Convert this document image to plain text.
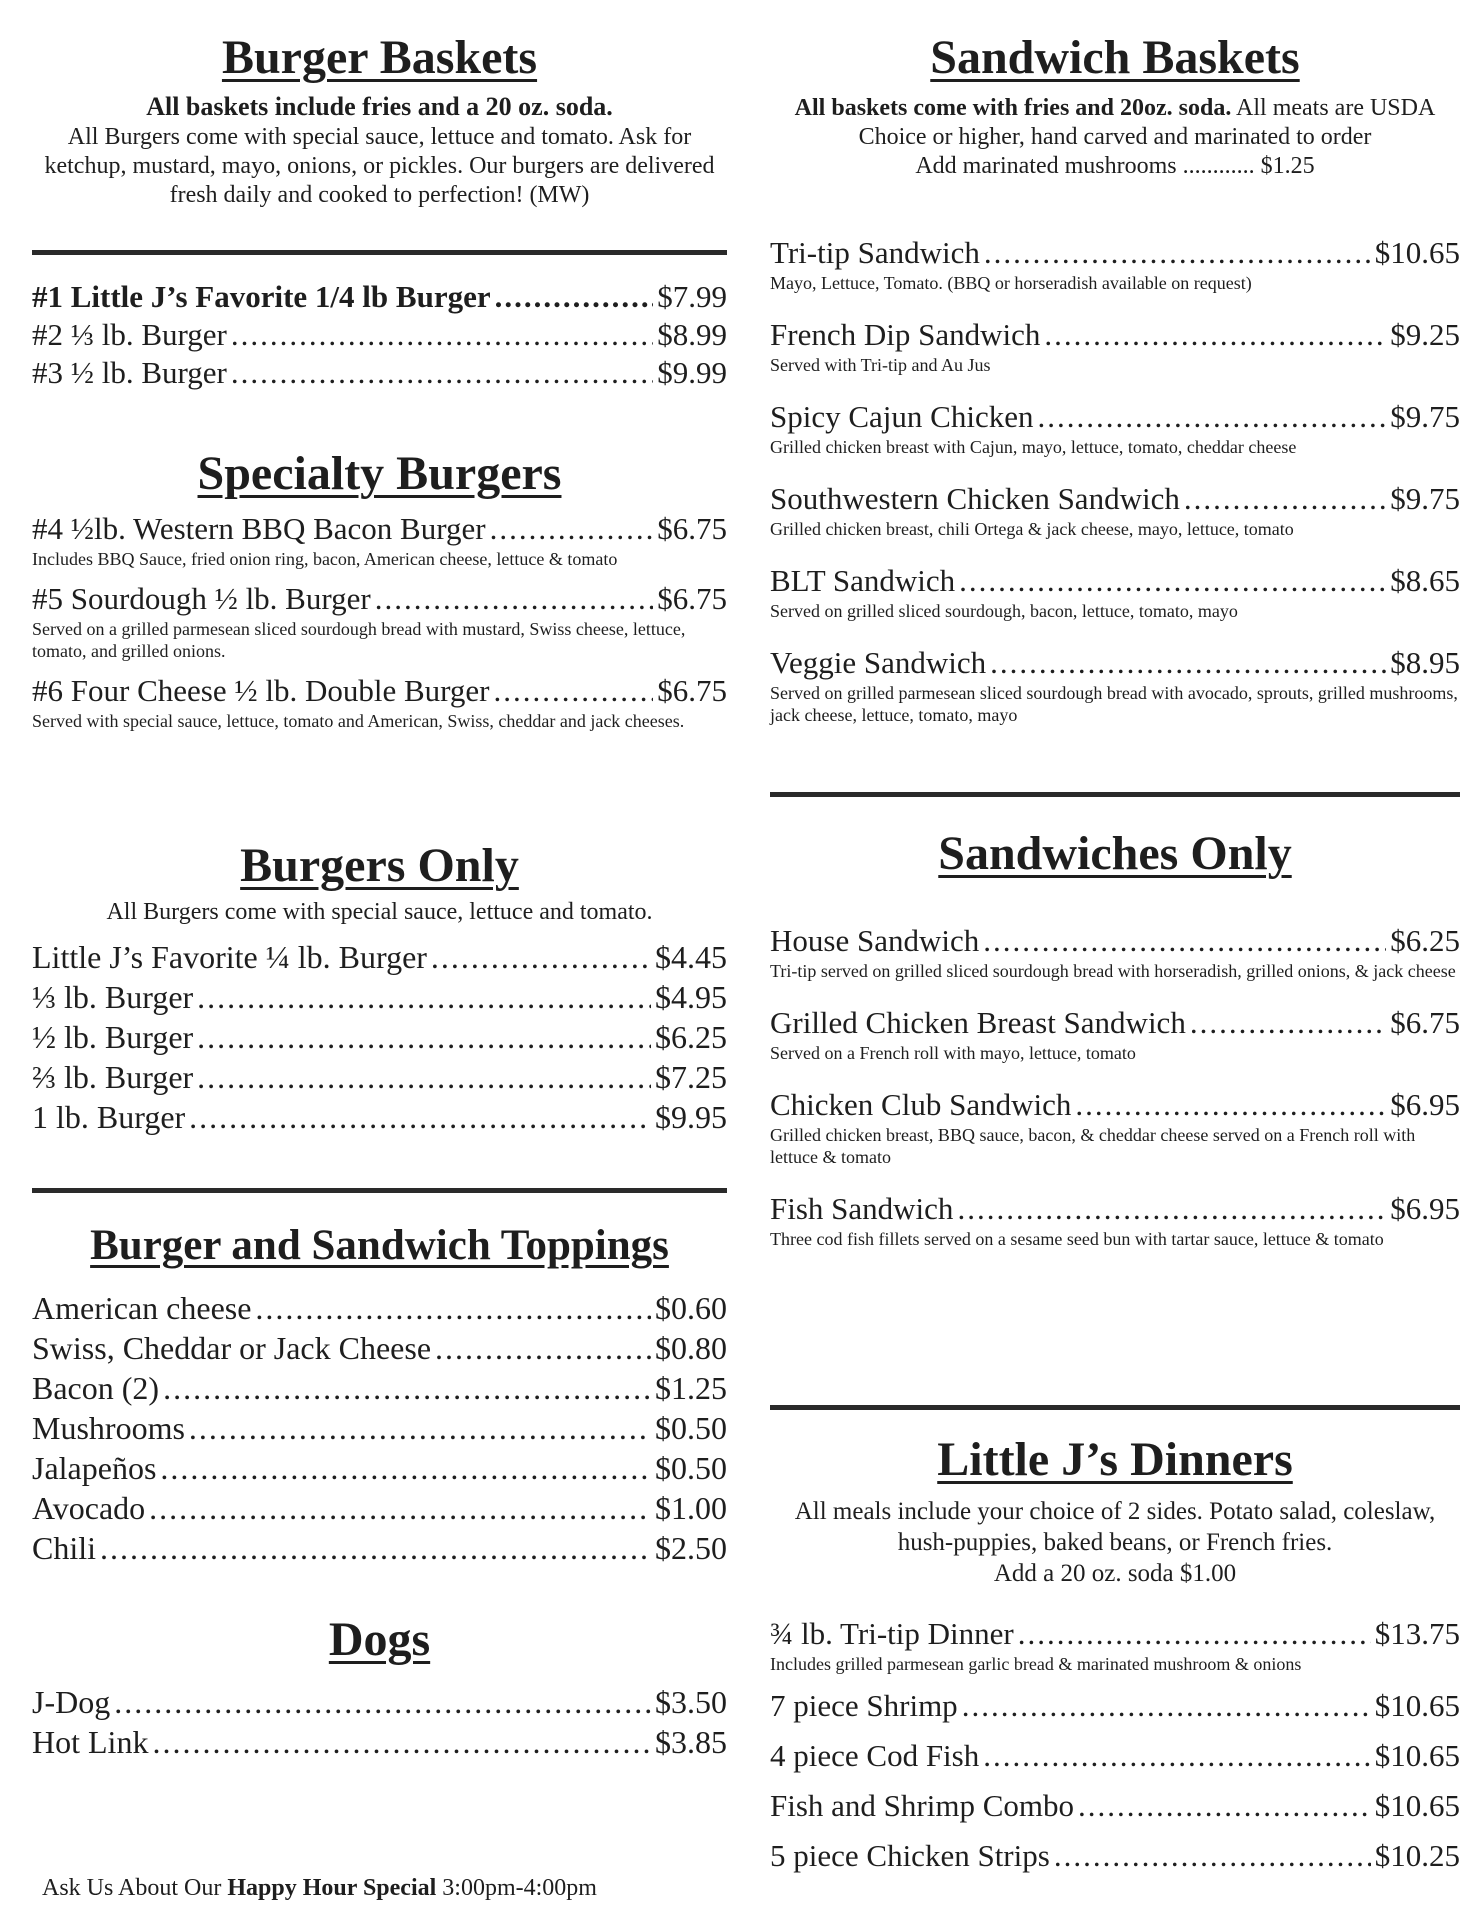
Burger Baskets

All baskets include fries and a 20 oz. soda.
All Burgers come with special sauce, lettuce and tomato. Ask for ketchup, mustard, mayo, onions, or pickles. Our burgers are delivered fresh daily and cooked to perfection! (MW)

#1 Little J’s Favorite 1/4 lb Burger .....	$7.99
#2 ⅓ lb. Burger .....	$8.99
#3 ½ lb. Burger .....	$9.99
Specialty Burgers
#4 ½lb. Western BBQ Bacon Burger .....	$6.75

Includes BBQ Sauce, fried onion ring, bacon, American cheese, lettuce & tomato

#5 Sourdough ½ lb. Burger .....	$6.75

Served on a grilled parmesean sliced sourdough bread with mustard, Swiss cheese, lettuce, tomato, and grilled onions.

#6 Four Cheese ½ lb. Double Burger .....	$6.75

Served with special sauce, lettuce, tomato and American, Swiss, cheddar and jack cheeses.

Burgers Only

All Burgers come with special sauce, lettuce and tomato.

Little J’s Favorite ¼ lb. Burger .....	$4.45
⅓ lb. Burger .....	$4.95
½ lb. Burger .....	$6.25
⅔ lb. Burger .....	$7.25
1 lb. Burger .....	$9.95
Burger and Sandwich Toppings
American cheese .....	$0.60
Swiss, Cheddar or Jack Cheese .....	$0.80
Bacon (2) .....	$1.25
Mushrooms .....	$0.50
Jalapeños .....	$0.50
Avocado .....	$1.00
Chili .....	$2.50
Dogs
J-Dog .....	$3.50
Hot Link .....	$3.85
Ask Us About Our Happy Hour Special 3:00pm-4:00pm
Sandwich Baskets

All baskets come with fries and 20oz. soda. All meats are USDA Choice or higher, hand carved and marinated to order
Add marinated mushrooms ............ $1.25

Tri-tip Sandwich .....	$10.65

Mayo, Lettuce, Tomato. (BBQ or horseradish available on request)

French Dip Sandwich .....	$9.25

Served with Tri-tip and Au Jus

Spicy Cajun Chicken .....	$9.75

Grilled chicken breast with Cajun, mayo, lettuce, tomato, cheddar cheese

Southwestern Chicken Sandwich .....	$9.75

Grilled chicken breast, chili Ortega & jack cheese, mayo, lettuce, tomato

BLT Sandwich .....	$8.65

Served on grilled sliced sourdough, bacon, lettuce, tomato, mayo

Veggie Sandwich .....	$8.95

Served on grilled parmesean sliced sourdough bread with avocado, sprouts, grilled mushrooms, jack cheese, lettuce, tomato, mayo

Sandwiches Only
House Sandwich .....	$6.25

Tri-tip served on grilled sliced sourdough bread with horseradish, grilled onions, & jack cheese

Grilled Chicken Breast Sandwich .....	$6.75

Served on a French roll with mayo, lettuce, tomato

Chicken Club Sandwich .....	$6.95

Grilled chicken breast, BBQ sauce, bacon, & cheddar cheese served on a French roll with lettuce & tomato

Fish Sandwich .....	$6.95

Three cod fish fillets served on a sesame seed bun with tartar sauce, lettuce & tomato

Little J’s Dinners

All meals include your choice of 2 sides. Potato salad, coleslaw, hush-puppies, baked beans, or French fries.
Add a 20 oz. soda $1.00

¾ lb. Tri-tip Dinner .....	$13.75

Includes grilled parmesean garlic bread & marinated mushroom & onions

7 piece Shrimp .....	$10.65
4 piece Cod Fish .....	$10.65
Fish and Shrimp Combo .....	$10.65
5 piece Chicken Strips .....	$10.25
